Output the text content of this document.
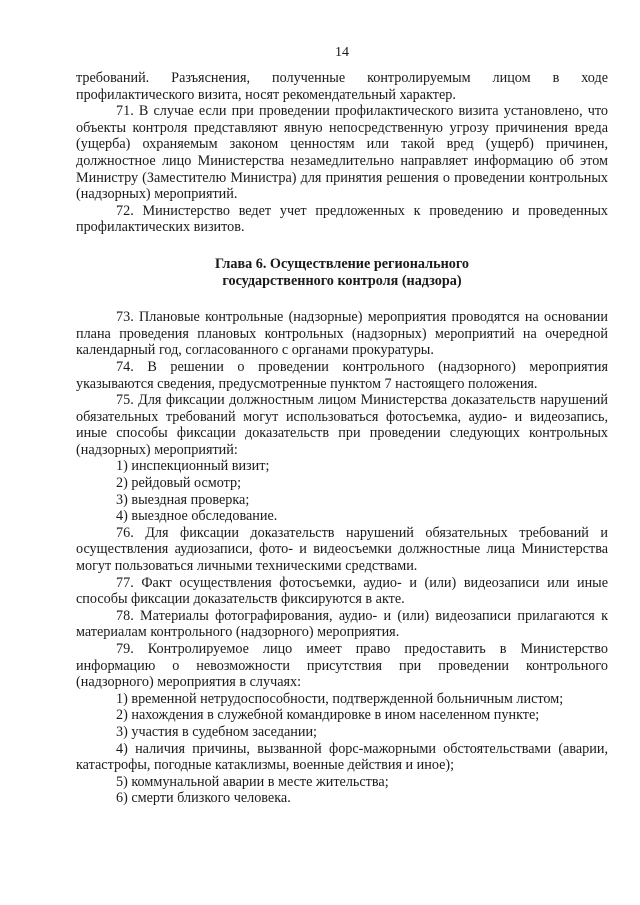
14

требований. Разъяснения, полученные контролируемым лицом в ходе профилактического визита, носят рекомендательный характер.

71. В случае если при проведении профилактического визита установлено, что объекты контроля представляют явную непосредственную угрозу причинения вреда (ущерба) охраняемым законом ценностям или такой вред (ущерб) причинен, должностное лицо Министерства незамедлительно направляет информацию об этом Министру (Заместителю Министра) для принятия решения о проведении контрольных (надзорных) мероприятий.

72. Министерство ведет учет предложенных к проведению и проведенных профилактических визитов.

Глава 6. Осуществление регионального
государственного контроля (надзора)

73. Плановые контрольные (надзорные) мероприятия проводятся на основании плана проведения плановых контрольных (надзорных) мероприятий на очередной календарный год, согласованного с органами прокуратуры.

74. В решении о проведении контрольного (надзорного) мероприятия указываются сведения, предусмотренные пунктом 7 настоящего положения.

75. Для фиксации должностным лицом Министерства доказательств нарушений обязательных требований могут использоваться фотосъемка, аудио- и видеозапись, иные способы фиксации доказательств при проведении следующих контрольных (надзорных) мероприятий:

1) инспекционный визит;

2) рейдовый осмотр;

3) выездная проверка;

4) выездное обследование.

76. Для фиксации доказательств нарушений обязательных требований и осуществления аудиозаписи, фото- и видеосъемки должностные лица Министерства могут пользоваться личными техническими средствами.

77. Факт осуществления фотосъемки, аудио- и (или) видеозаписи или иные способы фиксации доказательств фиксируются в акте.

78. Материалы фотографирования, аудио- и (или) видеозаписи прилагаются к материалам контрольного (надзорного) мероприятия.

79. Контролируемое лицо имеет право предоставить в Министерство информацию о невозможности присутствия при проведении контрольного (надзорного) мероприятия в случаях:

1) временной нетрудоспособности, подтвержденной больничным листом;

2) нахождения в служебной командировке в ином населенном пункте;

3) участия в судебном заседании;

4) наличия причины, вызванной форс-мажорными обстоятельствами (аварии, катастрофы, погодные катаклизмы, военные действия и иное);

5) коммунальной аварии в месте жительства;

6) смерти близкого человека.
